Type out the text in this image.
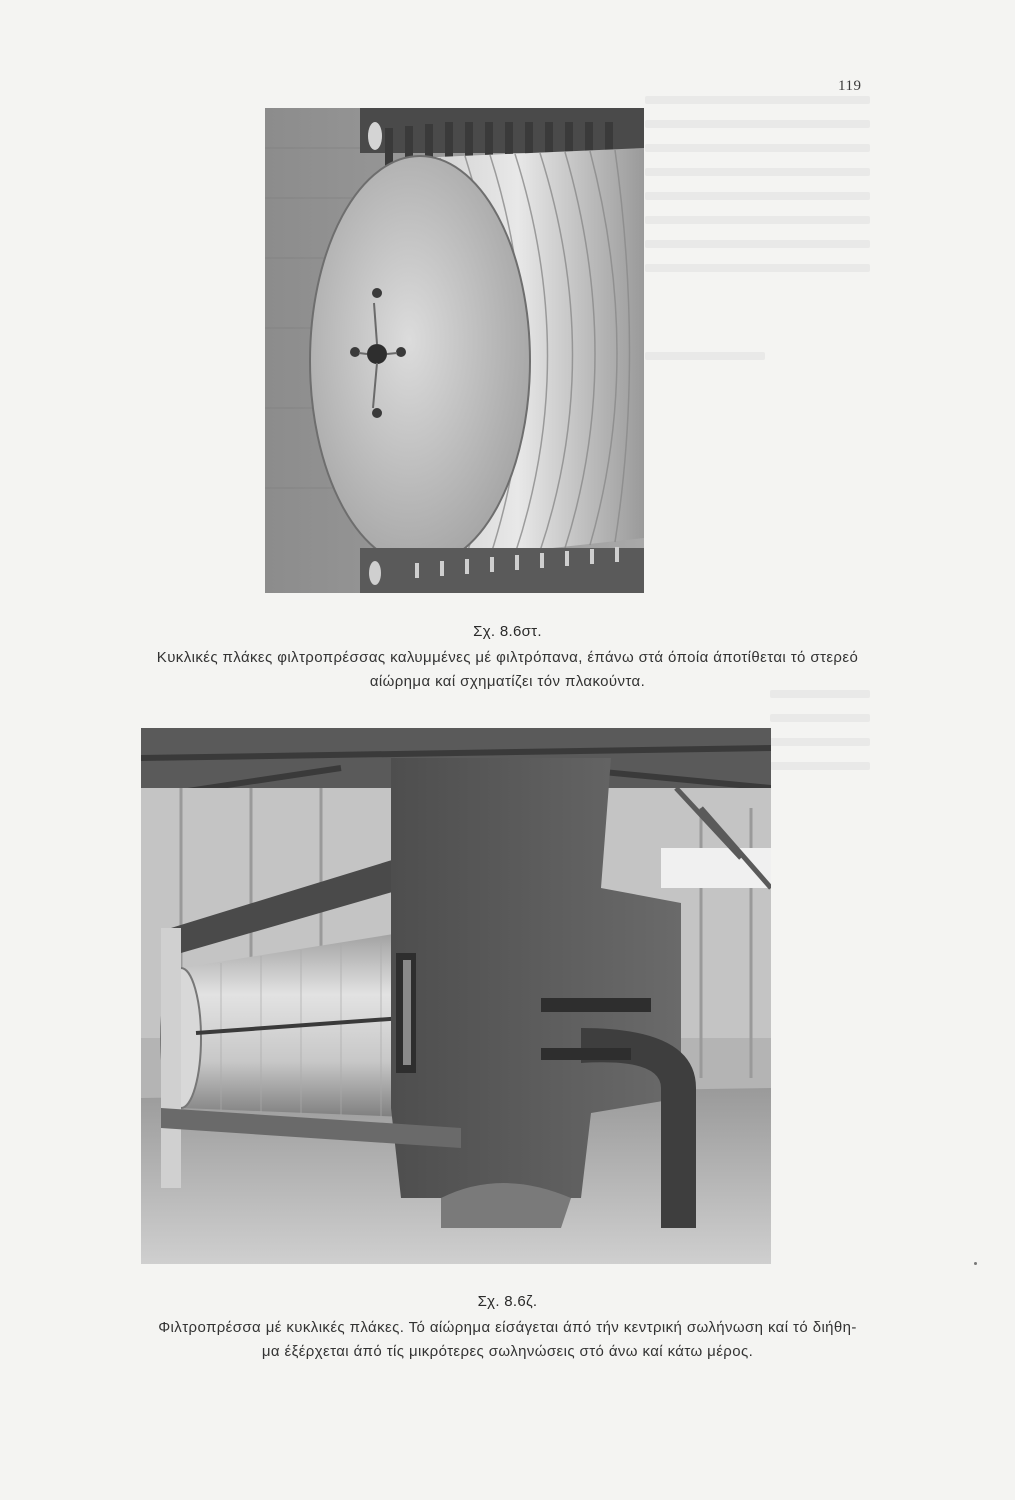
119
Σχ. 8.6στ.
Κυκλικές πλάκες φιλτροπρέσσας καλυμμένες μέ φιλτρόπανα, έπάνω στά όποία άποτίθεται τό στερεό
αίώρημα καί σχηματίζει τόν πλακούντα.
Σχ. 8.6ζ.
Φιλτροπρέσσα μέ κυκλικές πλάκες. Τό αίώρημα είσάγεται άπό τήν κεντρική σωλήνωση καί τό διήθη-
μα έξέρχεται άπό τίς μικρότερες σωληνώσεις στό άνω καί κάτω μέρος.
